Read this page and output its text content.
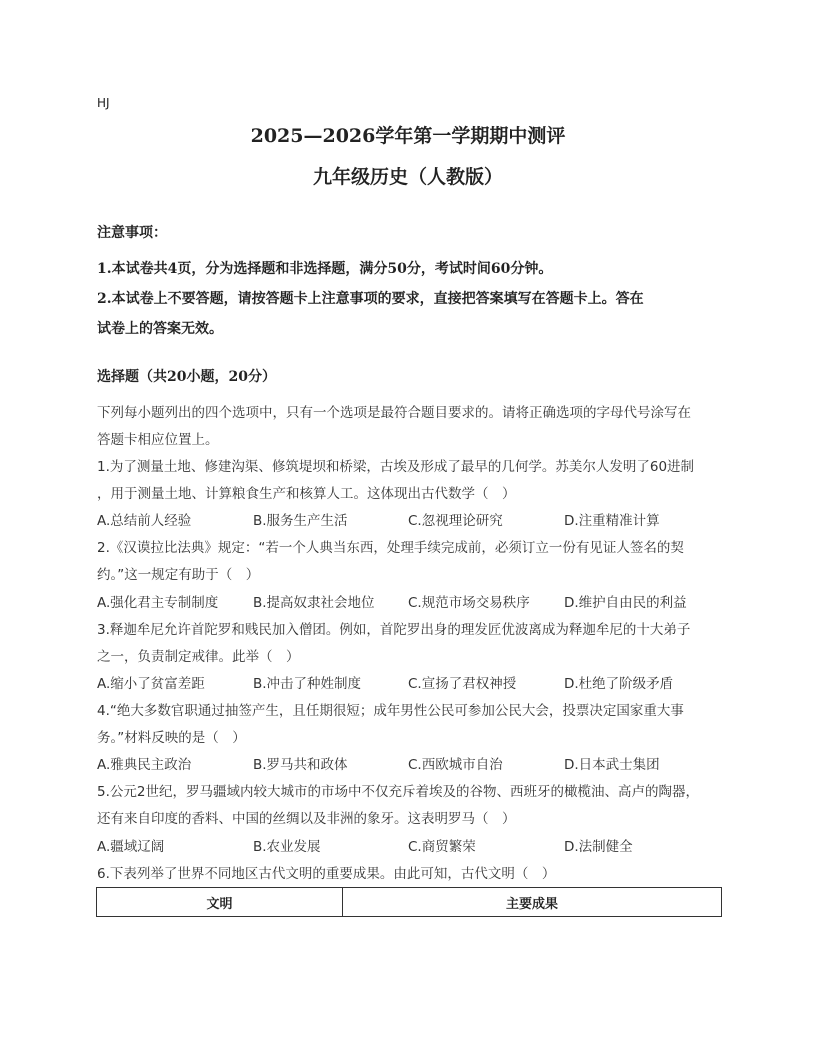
HJ
2025—2026学年第一学期期中测评
九年级历史（人教版）
注意事项：
1.本试卷共4页，分为选择题和非选择题，满分50分，考试时间60分钟。
2.本试卷上不要答题，请按答题卡上注意事项的要求，直接把答案填写在答题卡上。答在
试卷上的答案无效。
选择题（共20小题，20分）
下列每小题列出的四个选项中，只有一个选项是最符合题目要求的。请将正确选项的字母代号涂写在
答题卡相应位置上。
1.为了测量土地、修建沟渠、修筑堤坝和桥梁，古埃及形成了最早的几何学。苏美尔人发明了60进制
，用于测量土地、计算粮食生产和核算人工。这体现出古代数学（　）
A.总结前人经验	B.服务生产生活	C.忽视理论研究	D.注重精准计算
2.《汉谟拉比法典》规定：“若一个人典当东西，处理手续完成前，必须订立一份有见证人签名的契
约。”这一规定有助于（　）
A.强化君主专制制度	B.提高奴隶社会地位 C.规范市场交易秩序	D.维护自由民的利益
3.释迦牟尼允许首陀罗和贱民加入僧团。例如，首陀罗出身的理发匠优波离成为释迦牟尼的十大弟子
之一，负责制定戒律。此举（　）
A.缩小了贫富差距	B.冲击了种姓制度	C.宣扬了君权神授	D.杜绝了阶级矛盾
4.“绝大多数官职通过抽签产生，且任期很短；成年男性公民可参加公民大会，投票决定国家重大事
务。”材料反映的是（　）
A.雅典民主政治	B.罗马共和政体	C.西欧城市自治	D.日本武士集团
5.公元2世纪，罗马疆域内较大城市的市场中不仅充斥着埃及的谷物、西班牙的橄榄油、高卢的陶器，
还有来自印度的香料、中国的丝绸以及非洲的象牙。这表明罗马（　）
A.疆域辽阔	B.农业发展	C.商贸繁荣	D.法制健全
6.下表列举了世界不同地区古代文明的重要成果。由此可知，古代文明（　）
文明	主要成果
